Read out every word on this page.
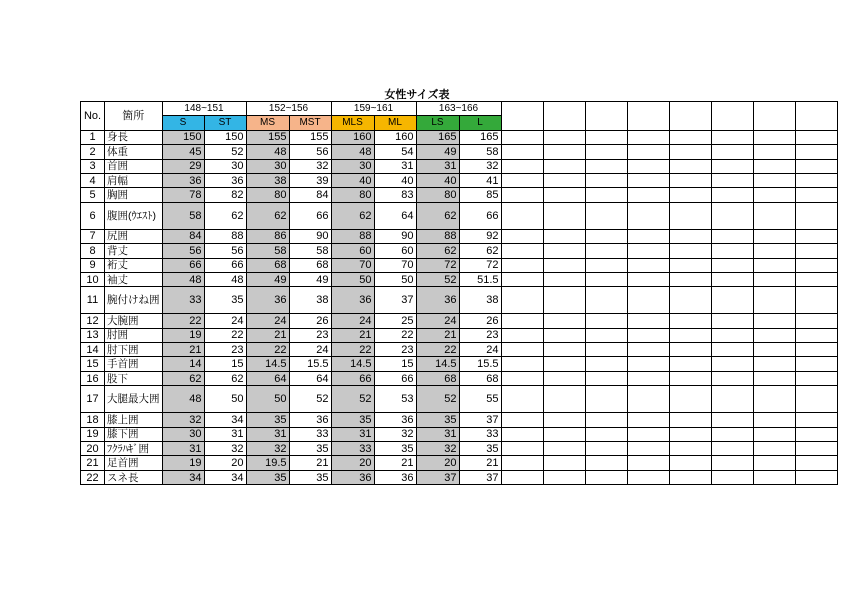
女性サイズ表
No.	箇所	148~151		152~156		159~161		163~166									
		S	ST	MS	MST	MLS	ML	LS	L								
1	身長	150	150	155	155	160	160	165	165								
2	体重	45	52	48	56	48	54	49	58								
3	首囲	29	30	30	32	30	31	31	32								
4	肩幅	36	36	38	39	40	40	40	41								
5	胸囲	78	82	80	84	80	83	80	85								
6	腹囲(ｳｴｽﾄ)	58	62	62	66	62	64	62	66								
7	尻囲	84	88	86	90	88	90	88	92								
8	背丈	56	56	58	58	60	60	62	62								
9	裄丈	66	66	68	68	70	70	72	72								
10	袖丈	48	48	49	49	50	50	52	51.5								
11	腕付けね囲	33	35	36	38	36	37	36	38								
12	大腕囲	22	24	24	26	24	25	24	26								
13	肘囲	19	22	21	23	21	22	21	23								
14	肘下囲	21	23	22	24	22	23	22	24								
15	手首囲	14	15	14.5	15.5	14.5	15	14.5	15.5								
16	股下	62	62	64	64	66	66	68	68								
17	大腿最大囲	48	50	50	52	52	53	52	55								
18	膝上囲	32	34	35	36	35	36	35	37								
19	膝下囲	30	31	31	33	31	32	31	33								
20	ﾌｸﾗﾊｷﾞ囲	31	32	32	35	33	35	32	35								
21	足首囲	19	20	19.5	21	20	21	20	21								
22	スネ長	34	34	35	35	36	36	37	37								
